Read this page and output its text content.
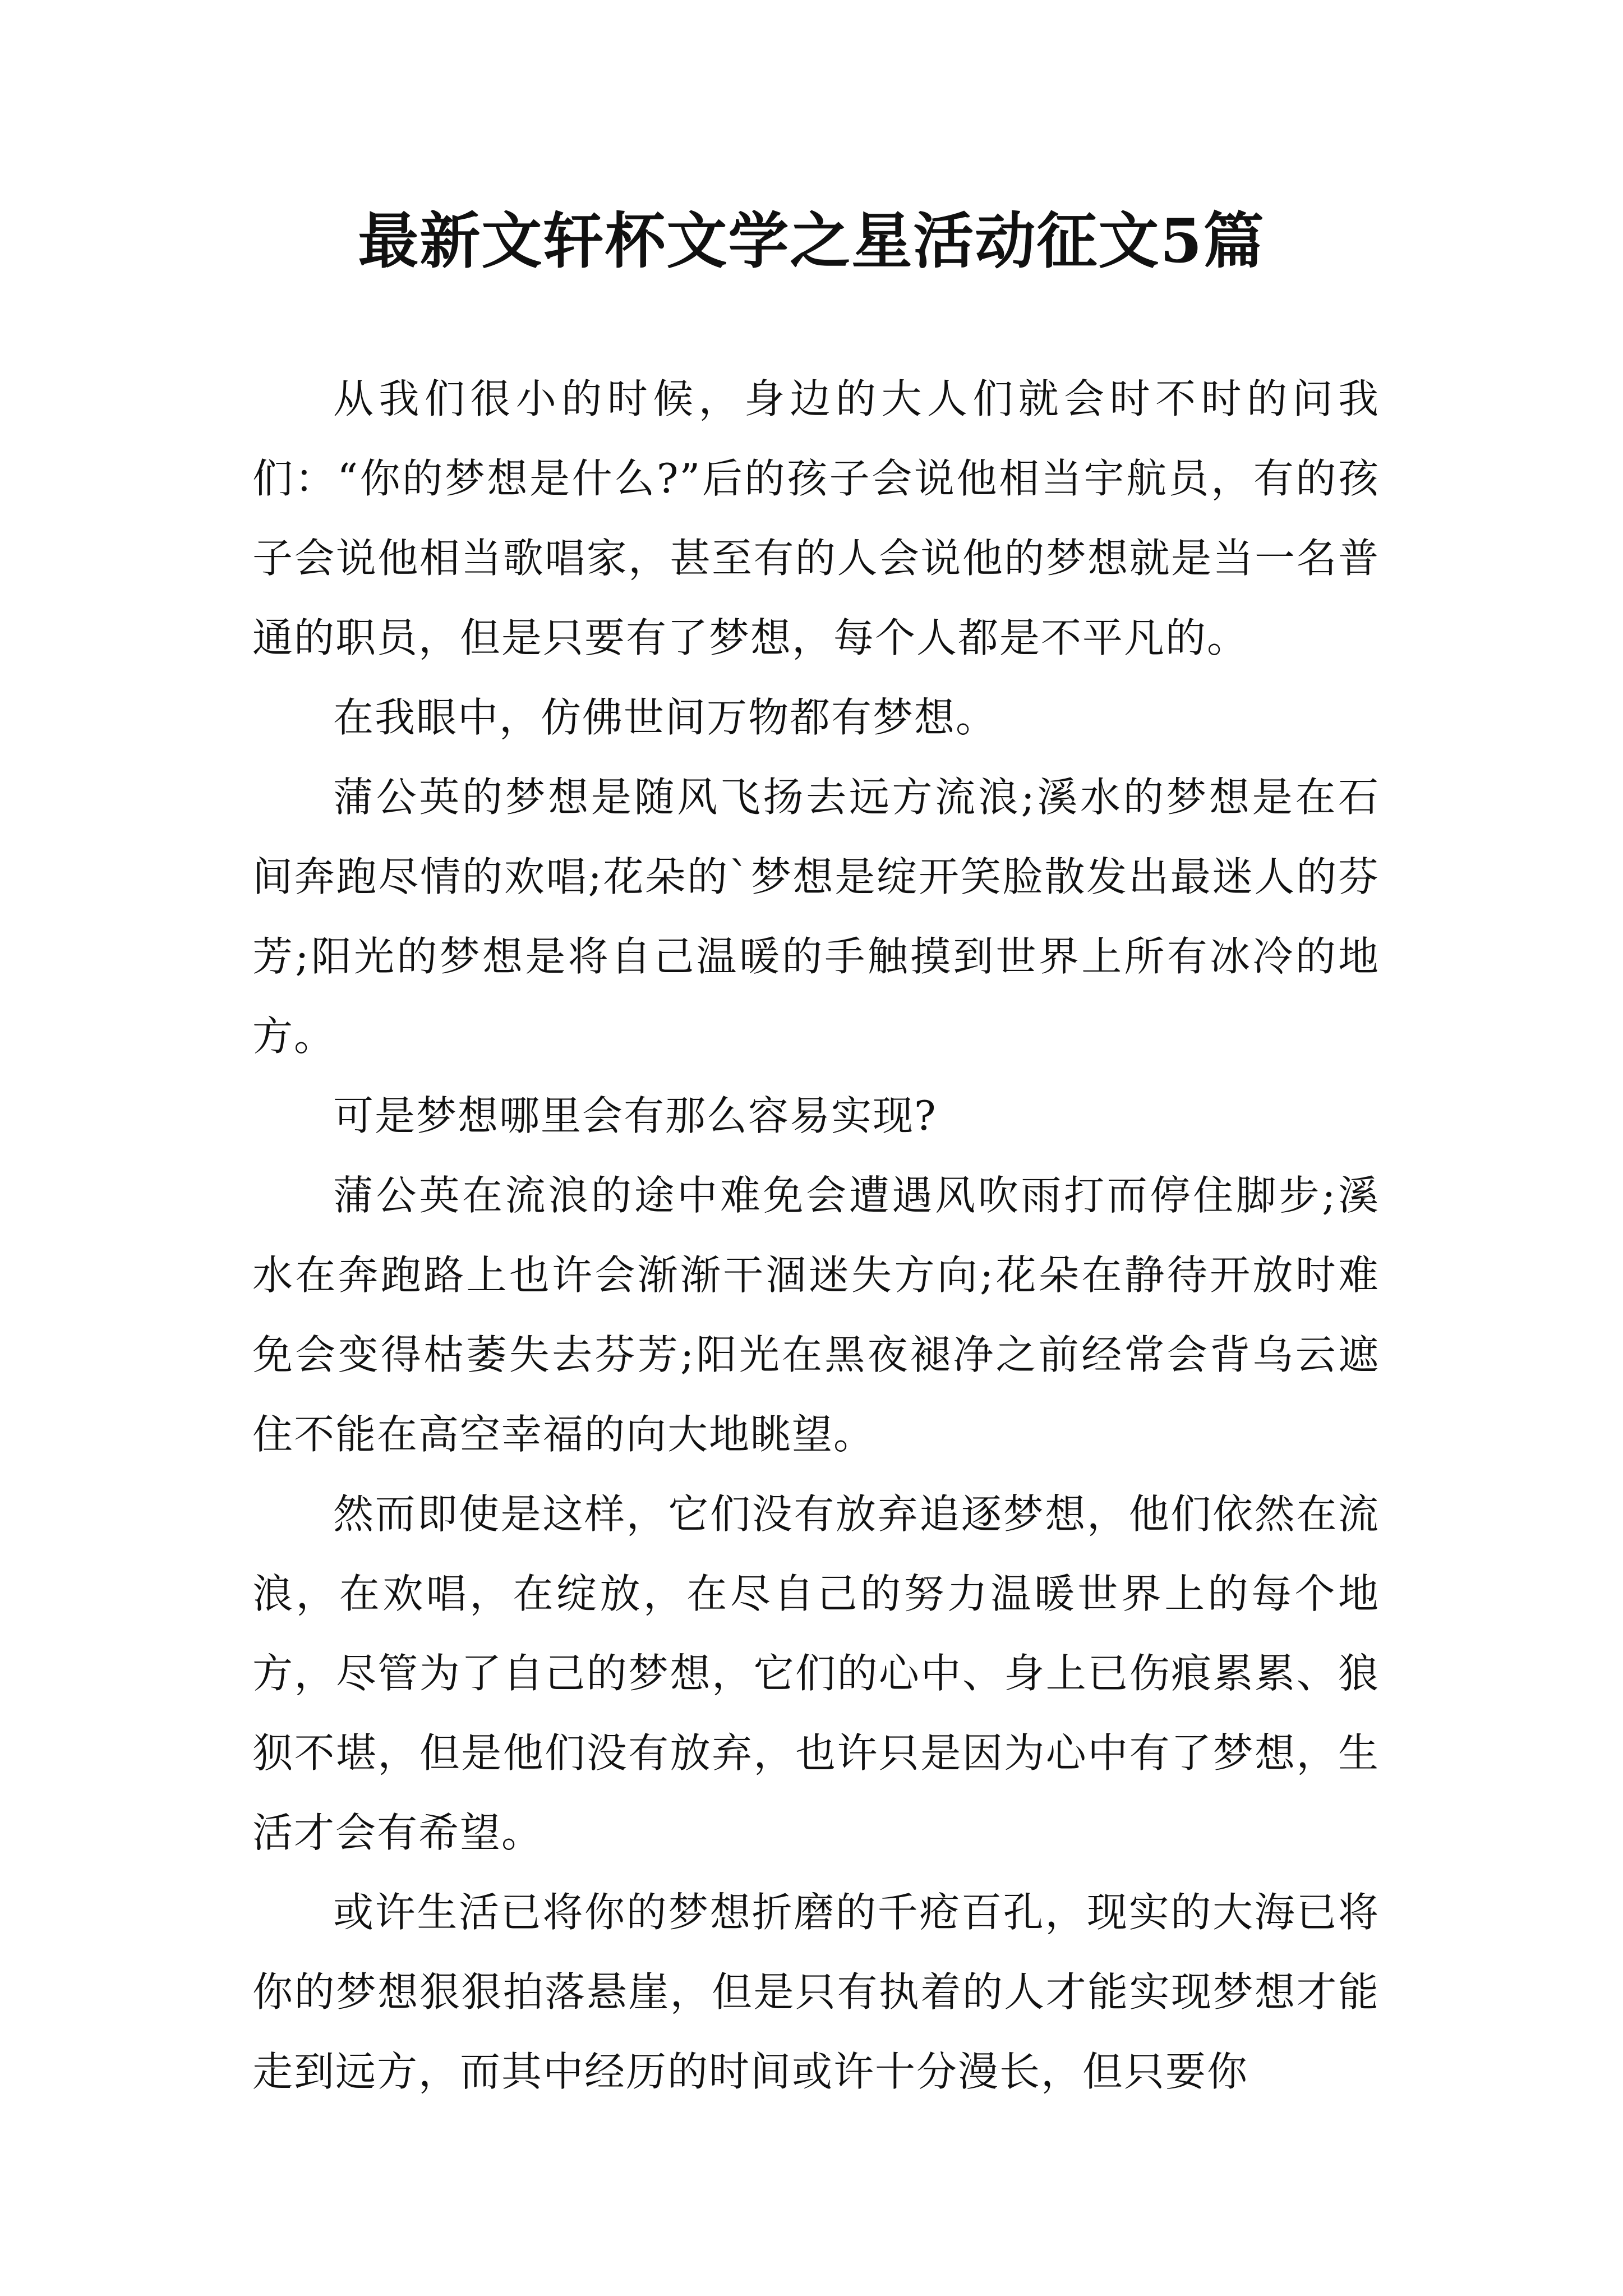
最新文轩杯文学之星活动征文5篇

从我们很小的时候，身边的大人们就会时不时的问我们：“你的梦想是什么?”后的孩子会说他相当宇航员，有的孩子会说他相当歌唱家，甚至有的人会说他的梦想就是当一名普通的职员，但是只要有了梦想，每个人都是不平凡的。

在我眼中，仿佛世间万物都有梦想。

蒲公英的梦想是随风飞扬去远方流浪;溪水的梦想是在石间奔跑尽情的欢唱;花朵的`梦想是绽开笑脸散发出最迷人的芬芳;阳光的梦想是将自己温暖的手触摸到世界上所有冰冷的地方。

可是梦想哪里会有那么容易实现?

蒲公英在流浪的途中难免会遭遇风吹雨打而停住脚步;溪水在奔跑路上也许会渐渐干涸迷失方向;花朵在静待开放时难免会变得枯萎失去芬芳;阳光在黑夜褪净之前经常会背乌云遮住不能在高空幸福的向大地眺望。

然而即使是这样，它们没有放弃追逐梦想，他们依然在流浪，在欢唱，在绽放，在尽自己的努力温暖世界上的每个地方，尽管为了自己的梦想，它们的心中、身上已伤痕累累、狼狈不堪，但是他们没有放弃，也许只是因为心中有了梦想，生活才会有希望。

或许生活已将你的梦想折磨的千疮百孔，现实的大海已将你的梦想狠狠拍落悬崖，但是只有执着的人才能实现梦想才能走到远方，而其中经历的时间或许十分漫长，但只要你
